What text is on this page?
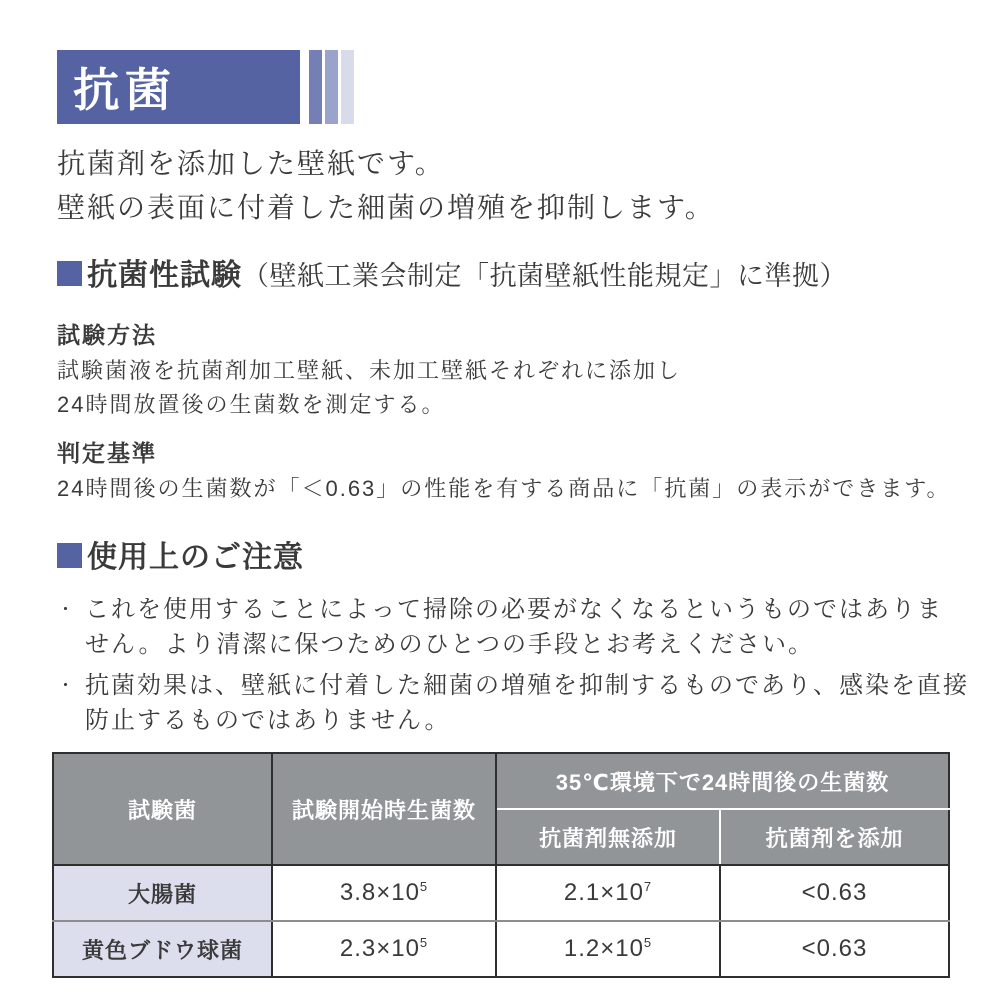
抗菌
抗菌剤を添加した壁紙です。
壁紙の表面に付着した細菌の増殖を抑制します。
抗菌性試験（壁紙工業会制定「抗菌壁紙性能規定」に準拠）
試験方法
試験菌液を抗菌剤加工壁紙、未加工壁紙それぞれに添加し
24時間放置後の生菌数を測定する。
判定基準
24時間後の生菌数が「＜0.63」の性能を有する商品に「抗菌」の表示ができます。
使用上のご注意
・ これを使用することによって掃除の必要がなくなるというものではありま
せん。より清潔に保つためのひとつの手段とお考えください。
・ 抗菌効果は、壁紙に付着した細菌の増殖を抑制するものであり、感染を直接
防止するものではありません。
試験菌	試験開始時生菌数	35℃環境下で24時間後の生菌数	
		抗菌剤無添加	抗菌剤を添加
大腸菌	$3.8\times 10^5$	$2.1\times 10^7$	<0.63
黄色ブドウ球菌	$2.3\times 10^5$	$1.2\times 10^5$	<0.63
